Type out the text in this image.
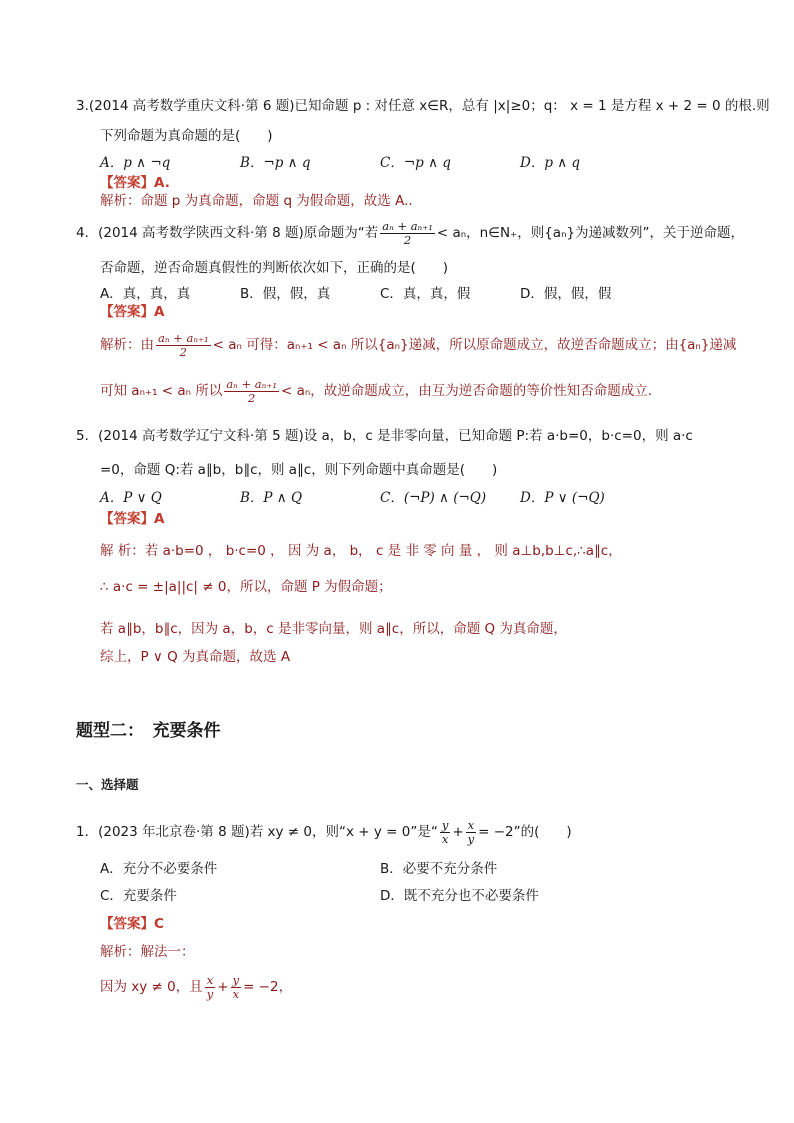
3.(2014 高考数学重庆文科·第 6 题)已知命题 p : 对任意 x∈R，总有 |x|≥0；q： x = 1 是方程 x + 2 = 0 的根.则
下列命题为真命题的是(　　)
A．p ∧ ¬q	B．¬p ∧ q	C．¬p ∧ q	D．p ∧ q
【答案】A.
解析：命题 p 为真命题，命题 q 为假命题，故选 A..
4．(2014 高考数学陕西文科·第 8 题)原命题为“若 $\frac{\text{aₙ + aₙ₊₁}}{2} < a_n$，n∈N₊，则{aₙ}为递减数列”，关于逆命题，
否命题，逆否命题真假性的判断依次如下，正确的是(　　)
A．真，真，真	B．假，假，真	C．真，真，假	D．假，假，假
【答案】A
解析：由 $\frac{\text{aₙ + aₙ₊₁}}{2} < a_n$ 可得：aₙ₊₁ < aₙ 所以{aₙ}递减，所以原命题成立，故逆否命题成立；由{aₙ}递减
可知 aₙ₊₁ < aₙ 所以 $\frac{\text{aₙ + aₙ₊₁}}{2} < a_n$，故逆命题成立，由互为逆否命题的等价性知否命题成立.
5．(2014 高考数学辽宁文科·第 5 题)设 a，b，c 是非零向量，已知命题 P:若 a·b=0，b·c=0，则 a·c
=0，命题 Q:若 a∥b，b∥c，则 a∥c，则下列命题中真命题是(　　)
A．P ∨ Q	B．P ∧ Q	C．(¬P) ∧ (¬Q)	D．P ∨ (¬Q)
【答案】A
解 析：若 a·b=0 ， b·c=0 ， 因 为 a， b， c 是 非 零 向 量 ， 则 a⊥b,b⊥c,∴a∥c，
∴ a·c = ±|a||c| ≠ 0，所以，命题 P 为假命题；
若 a∥b，b∥c，因为 a，b，c 是非零向量，则 a∥c，所以，命题 Q 为真命题，
综上，P ∨ Q 为真命题，故选 A
题型二：　充要条件
一、选择题
1．(2023 年北京卷·第 8 题)若 xy ≠ 0，则“x + y = 0”是“ $\frac{y}{x} + \frac{x}{y} = -2$”的(　　)
A．充分不必要条件	B．必要不充分条件
C．充要条件	D．既不充分也不必要条件
【答案】C
解析：解法一：
因为 xy ≠ 0，且 $\frac{x}{y} + \frac{y}{x} = -2$，
